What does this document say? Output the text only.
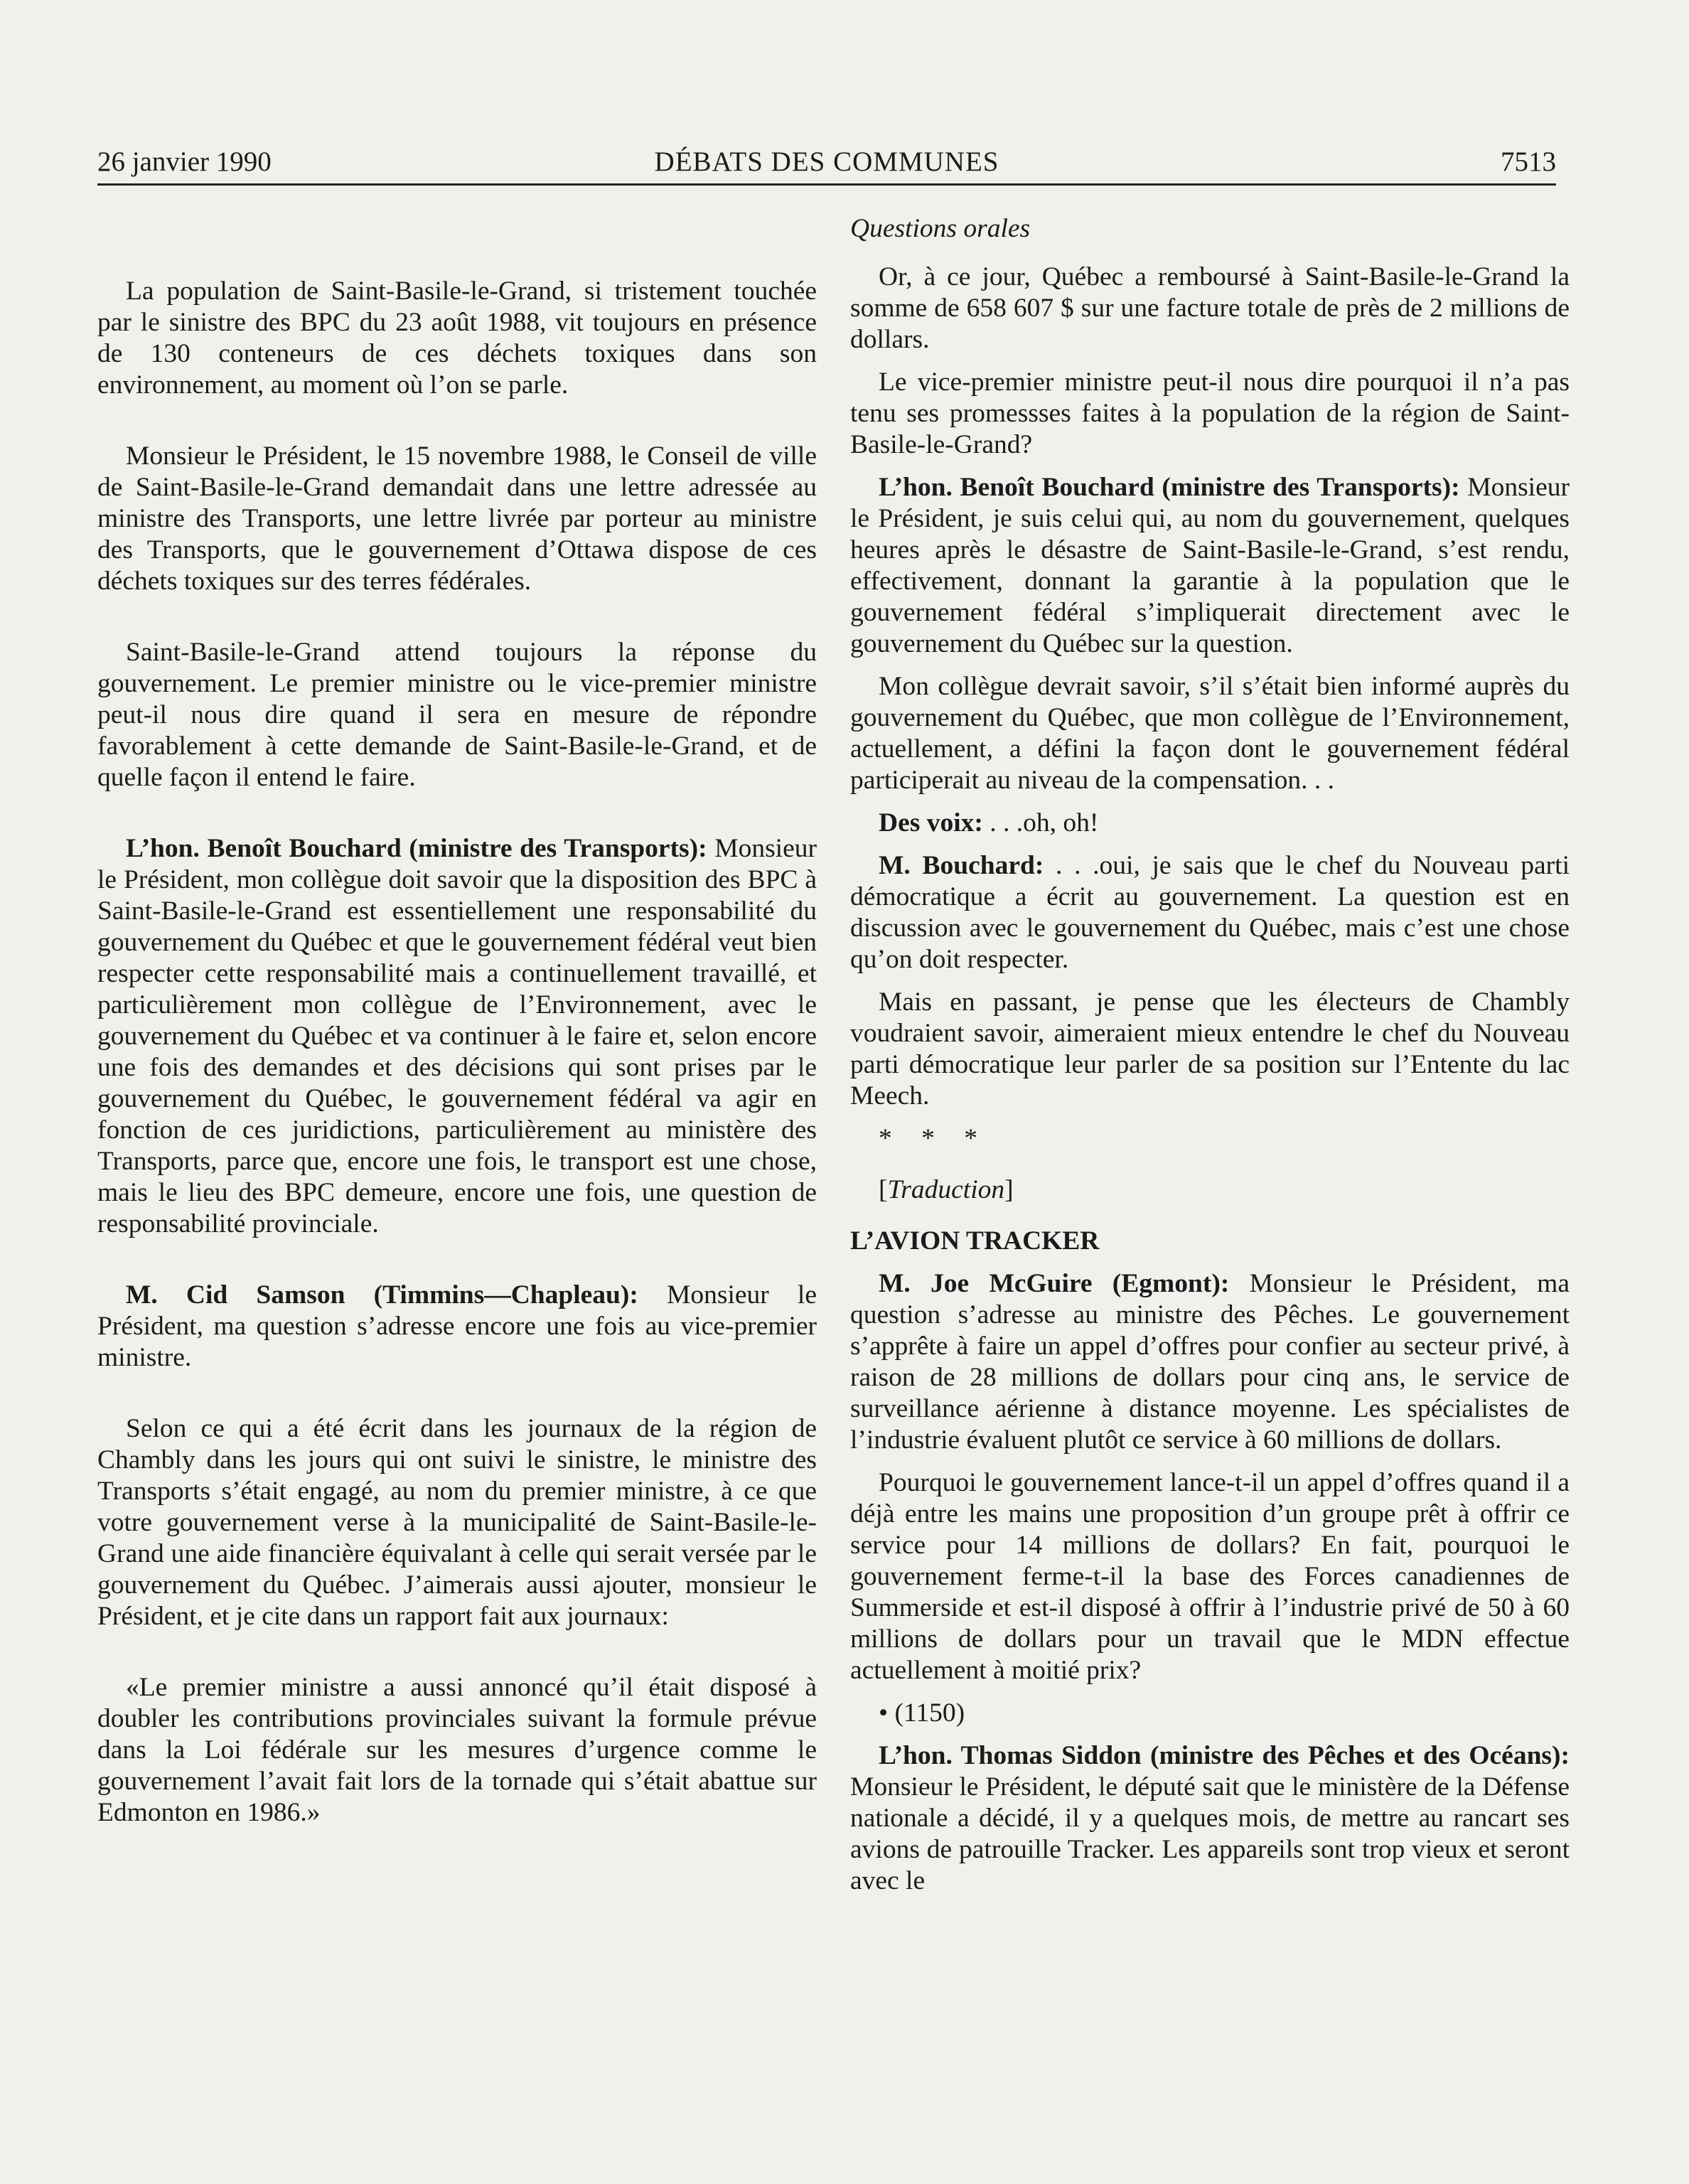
26 janvier 1990	DÉBATS DES COMMUNES	7513

La population de Saint-Basile-le-Grand, si tristement touchée par le sinistre des BPC du 23 août 1988, vit toujours en présence de 130 conteneurs de ces déchets toxiques dans son environnement, au moment où l’on se parle.

Monsieur le Président, le 15 novembre 1988, le Conseil de ville de Saint-Basile-le-Grand demandait dans une lettre adressée au ministre des Transports, une lettre livrée par porteur au ministre des Transports, que le gouvernement d’Ottawa dispose de ces déchets toxiques sur des terres fédérales.

Saint-Basile-le-Grand attend toujours la réponse du gouvernement. Le premier ministre ou le vice-premier ministre peut-il nous dire quand il sera en mesure de répondre favorablement à cette demande de Saint-Basile-le-Grand, et de quelle façon il entend le faire.

L’hon. Benoît Bouchard (ministre des Transports): Monsieur le Président, mon collègue doit savoir que la disposition des BPC à Saint-Basile-le-Grand est essentiellement une responsabilité du gouvernement du Québec et que le gouvernement fédéral veut bien respecter cette responsabilité mais a continuellement travaillé, et particulièrement mon collègue de l’Environnement, avec le gouvernement du Québec et va continuer à le faire et, selon encore une fois des demandes et des décisions qui sont prises par le gouvernement du Québec, le gouvernement fédéral va agir en fonction de ces juridictions, particulièrement au ministère des Transports, parce que, encore une fois, le transport est une chose, mais le lieu des BPC demeure, encore une fois, une question de responsabilité provinciale.

M. Cid Samson (Timmins—Chapleau): Monsieur le Président, ma question s’adresse encore une fois au vice-premier ministre.

Selon ce qui a été écrit dans les journaux de la région de Chambly dans les jours qui ont suivi le sinistre, le ministre des Transports s’était engagé, au nom du premier ministre, à ce que votre gouvernement verse à la municipalité de Saint-Basile-le-Grand une aide financière équivalant à celle qui serait versée par le gouvernement du Québec. J’aimerais aussi ajouter, monsieur le Président, et je cite dans un rapport fait aux journaux:

«Le premier ministre a aussi annoncé qu’il était disposé à doubler les contributions provinciales suivant la formule prévue dans la Loi fédérale sur les mesures d’urgence comme le gouvernement l’avait fait lors de la tornade qui s’était abattue sur Edmonton en 1986.»

Questions orales

Or, à ce jour, Québec a remboursé à Saint-Basile-le-Grand la somme de 658 607 $ sur une facture totale de près de 2 millions de dollars.

Le vice-premier ministre peut-il nous dire pourquoi il n’a pas tenu ses promessses faites à la population de la région de Saint-Basile-le-Grand?

L’hon. Benoît Bouchard (ministre des Transports): Monsieur le Président, je suis celui qui, au nom du gouvernement, quelques heures après le désastre de Saint-Basile-le-Grand, s’est rendu, effectivement, donnant la garantie à la population que le gouvernement fédéral s’impliquerait directement avec le gouvernement du Québec sur la question.

Mon collègue devrait savoir, s’il s’était bien informé auprès du gouvernement du Québec, que mon collègue de l’Environnement, actuellement, a défini la façon dont le gouvernement fédéral participerait au niveau de la compensation. . .

Des voix: . . .oh, oh!

M. Bouchard: . . .oui, je sais que le chef du Nouveau parti démocratique a écrit au gouvernement. La question est en discussion avec le gouvernement du Québec, mais c’est une chose qu’on doit respecter.

Mais en passant, je pense que les électeurs de Chambly voudraient savoir, aimeraient mieux entendre le chef du Nouveau parti démocratique leur parler de sa position sur l’Entente du lac Meech.

* * *

[Traduction]

L’AVION TRACKER

M. Joe McGuire (Egmont): Monsieur le Président, ma question s’adresse au ministre des Pêches. Le gouvernement s’apprête à faire un appel d’offres pour confier au secteur privé, à raison de 28 millions de dollars pour cinq ans, le service de surveillance aérienne à distance moyenne. Les spécialistes de l’industrie évaluent plutôt ce service à 60 millions de dollars.

Pourquoi le gouvernement lance-t-il un appel d’offres quand il a déjà entre les mains une proposition d’un groupe prêt à offrir ce service pour 14 millions de dollars? En fait, pourquoi le gouvernement ferme-t-il la base des Forces canadiennes de Summerside et est-il disposé à offrir à l’industrie privé de 50 à 60 millions de dollars pour un travail que le MDN effectue actuellement à moitié prix?

• (1150)

L’hon. Thomas Siddon (ministre des Pêches et des Océans): Monsieur le Président, le député sait que le ministère de la Défense nationale a décidé, il y a quelques mois, de mettre au rancart ses avions de patrouille Tracker. Les appareils sont trop vieux et seront avec le
